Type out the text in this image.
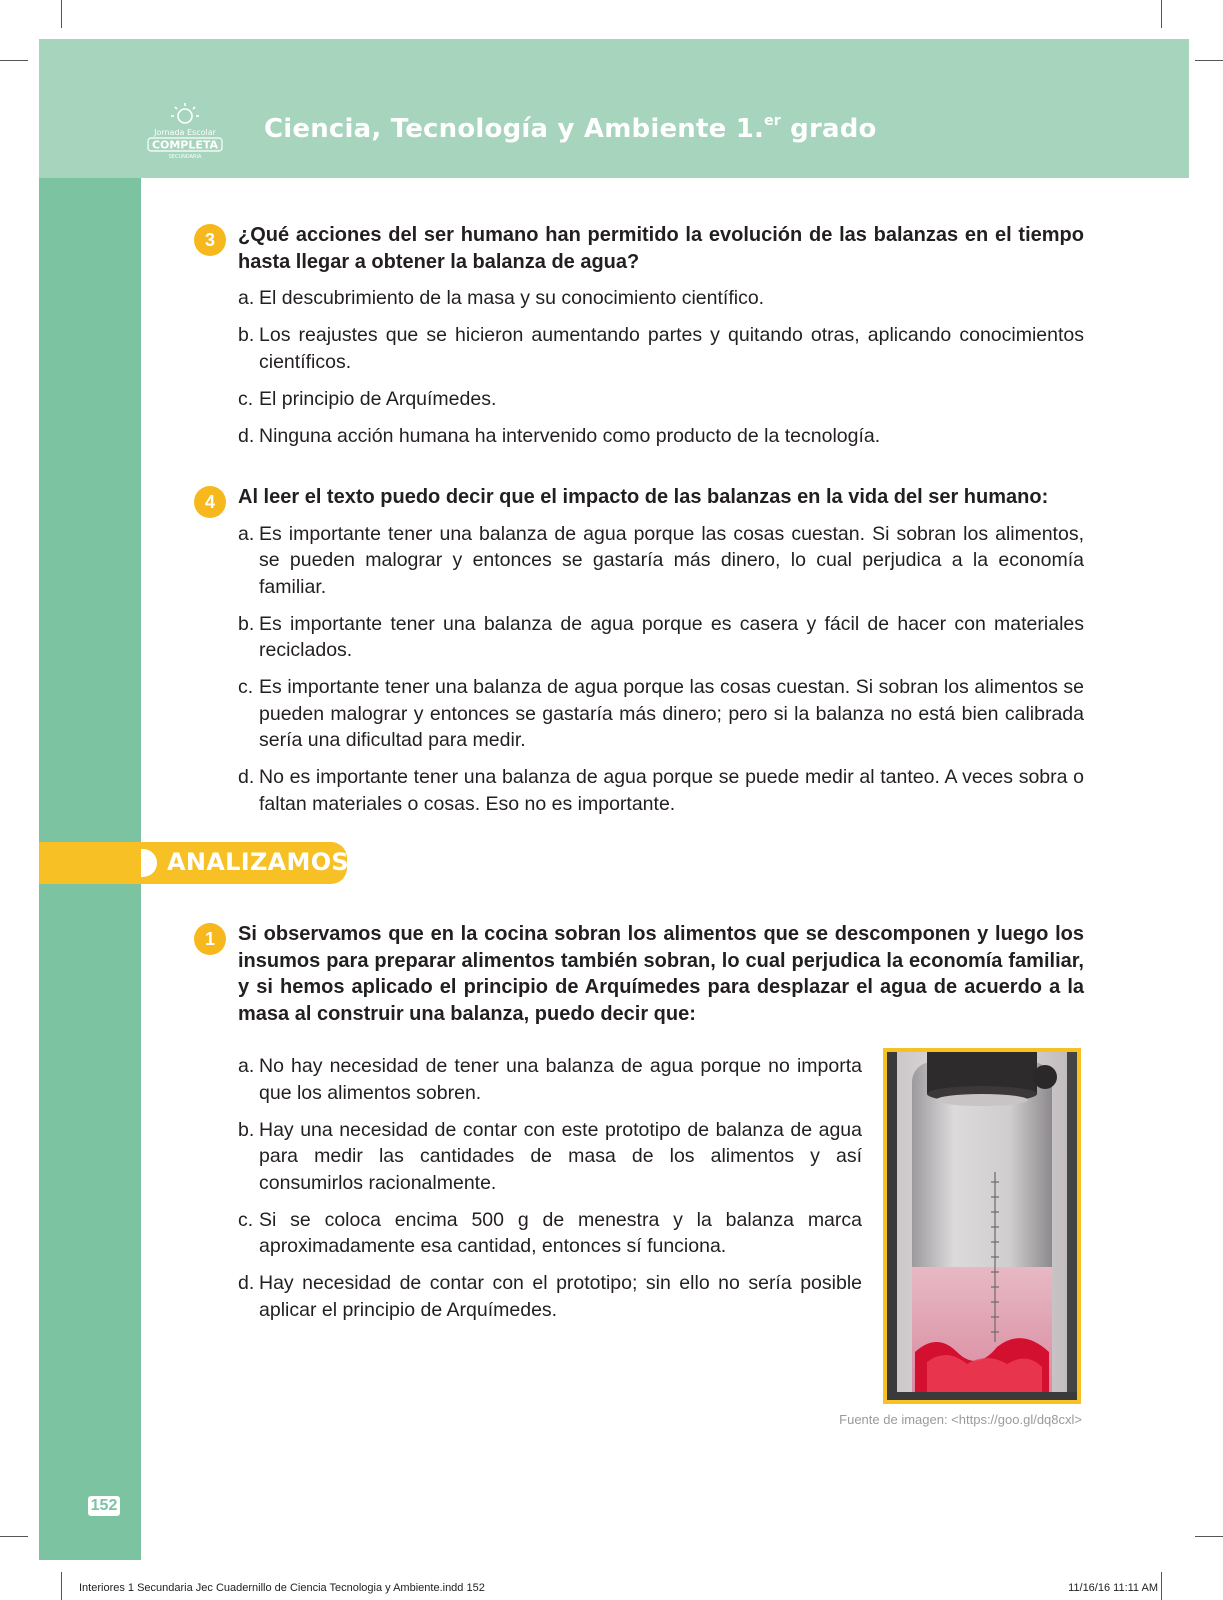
Jornada Escolar
COMPLETA
SECUNDARIA
Ciencia, Tecnología y Ambiente 1.$^{er}$ grado
3	¿Qué acciones del ser humano han permitido la evolución de las balanzas en el tiempo hasta llegar a obtener la balanza de agua?
a. El descubrimiento de la masa y su conocimiento científico.
b. Los reajustes que se hicieron aumentando partes y quitando otras, aplicando conocimientos científicos.
c. El principio de Arquímedes.
d. Ninguna acción humana ha intervenido como producto de la tecnología.
4	Al leer el texto puedo decir que el impacto de las balanzas en la vida del ser humano:
a. Es importante tener una balanza de agua porque las cosas cuestan. Si sobran los alimentos, se pueden malograr y entonces se gastaría más dinero, lo cual perjudica a la economía familiar.
b. Es importante tener una balanza de agua porque es casera y fácil de hacer con materiales reciclados.
c. Es importante tener una balanza de agua porque las cosas cuestan. Si sobran los alimentos se pueden malograr y entonces se gastaría más dinero; pero si la balanza no está bien calibrada sería una dificultad para medir.
d. No es importante tener una balanza de agua porque se puede medir al tanteo. A veces sobra o faltan materiales o cosas. Eso no es importante.
ANALIZAMOS
1	Si observamos que en la cocina sobran los alimentos que se descomponen y luego los insumos para preparar alimentos también sobran, lo cual perjudica la economía familiar, y si hemos aplicado el principio de Arquímedes para desplazar el agua de acuerdo a la masa al construir una balanza, puedo decir que:
a. No hay necesidad de tener una balanza de agua porque no importa que los alimentos sobren.
b. Hay una necesidad de contar con este prototipo de balanza de agua para medir las cantidades de masa de los alimentos y así consumirlos racionalmente.
c. Si se coloca encima 500 g de menestra y la balanza marca aproximadamente esa cantidad, entonces sí funciona.
d. Hay necesidad de contar con el prototipo; sin ello no sería posible aplicar el principio de Arquímedes.
Fuente de imagen: <https://goo.gl/dq8cxl>
152
Interiores 1 Secundaria Jec Cuadernillo de Ciencia Tecnologia y Ambiente.indd 152	11/16/16 11:11 AM
